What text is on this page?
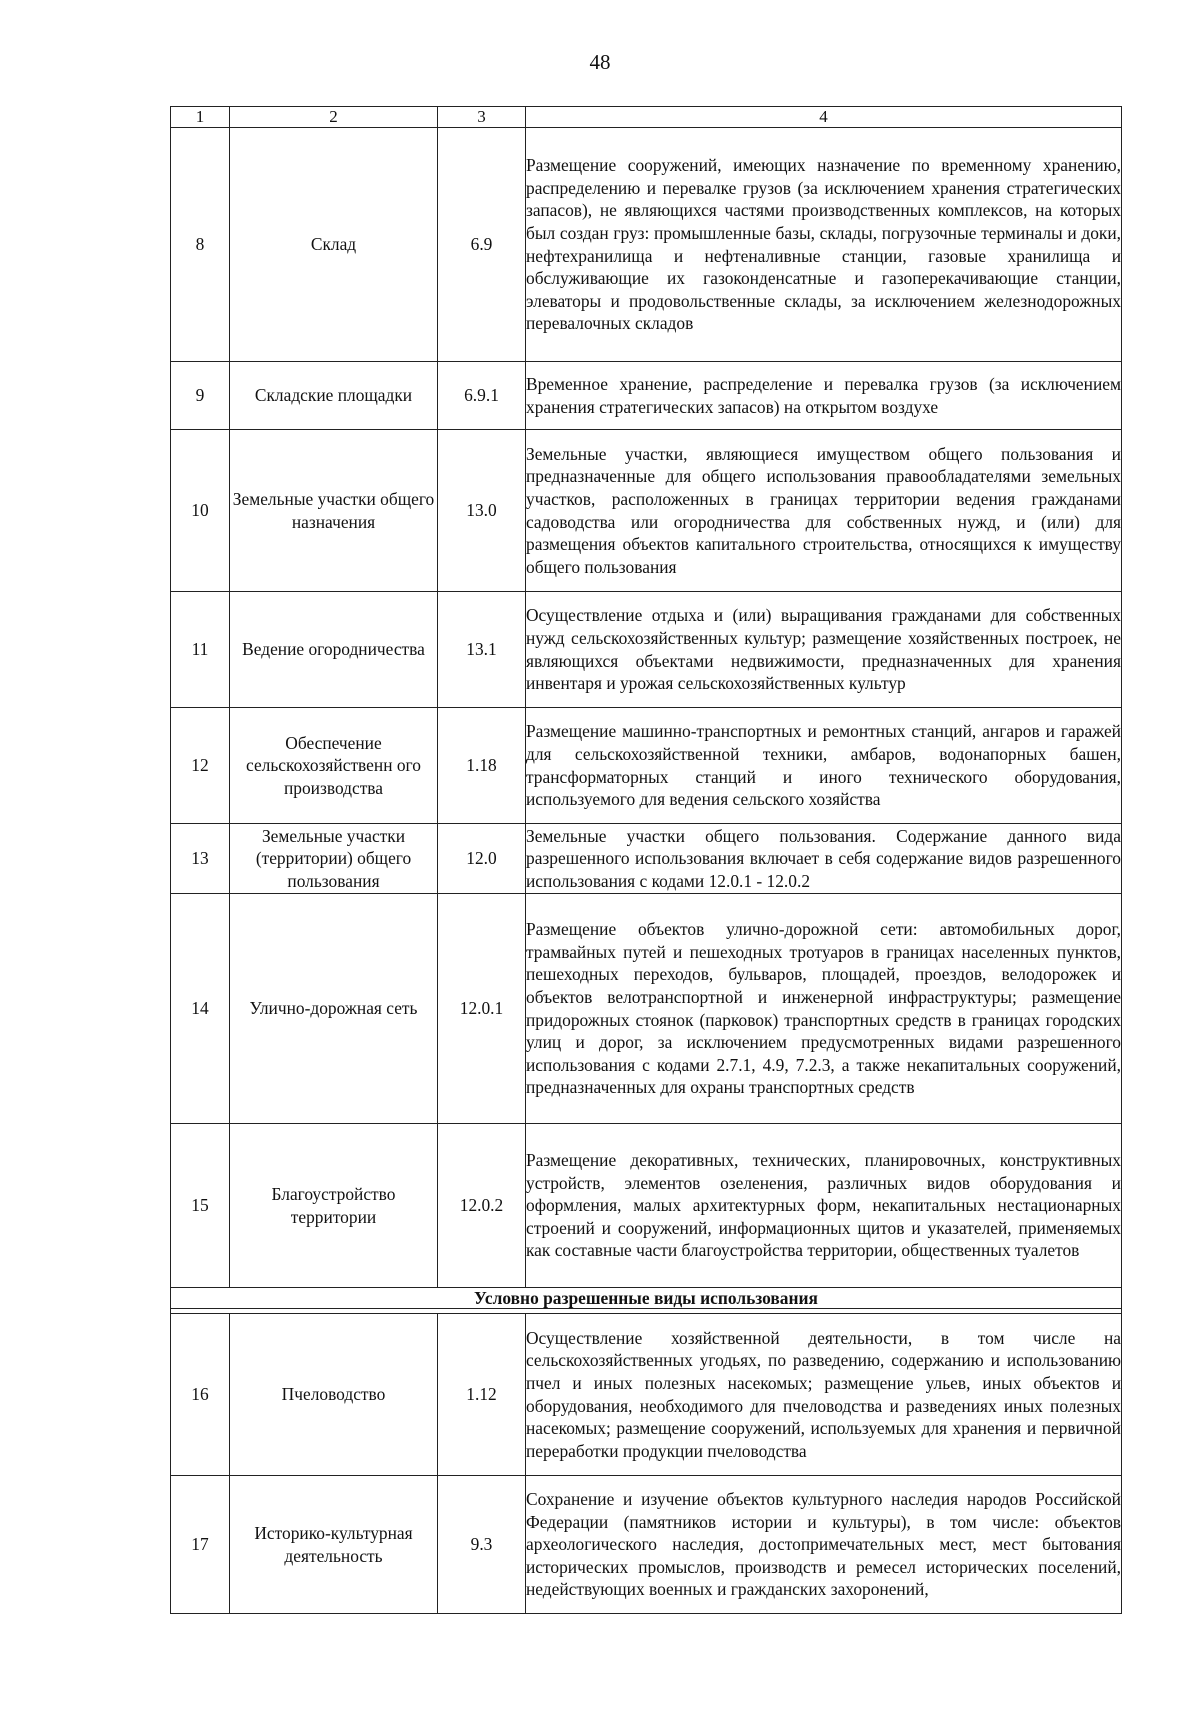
48
1	2	3	4
8	Склад	6.9	Размещение сооружений, имеющих назначение по временному хранению, распределению и перевалке грузов (за исключением хранения стратегических запасов), не являющихся частями производственных комплексов, на которых был создан груз: промышленные базы, склады, погрузочные терминалы и доки, нефтехранилища и нефтеналивные станции, газовые хранилища и обслуживающие их газоконденсатные и газоперекачивающие станции, элеваторы и продовольственные склады, за исключением железнодорожных перевалочных складов
9	Складские площадки	6.9.1	Временное хранение, распределение и перевалка грузов (за исключением хранения стратегических запасов) на открытом воздухе
10	Земельные участки общего назначения	13.0	Земельные участки, являющиеся имуществом общего пользования и предназначенные для общего использования правообладателями земельных участков, расположенных в границах территории ведения гражданами садоводства или огородничества для собственных нужд, и (или) для размещения объектов капитального строительства, относящихся к имуществу общего пользования
11	Ведение огородничества	13.1	Осуществление отдыха и (или) выращивания гражданами для собственных нужд сельскохозяйственных культур; размещение хозяйственных построек, не являющихся объектами недвижимости, предназначенных для хранения инвентаря и урожая сельскохозяйственных культур
12	Обеспечение сельскохозяйственн ого производства	1.18	Размещение машинно-транспортных и ремонтных станций, ангаров и гаражей для сельскохозяйственной техники, амбаров, водонапорных башен, трансформаторных станций и иного технического оборудования, используемого для ведения сельского хозяйства
13	Земельные участки (территории) общего пользования	12.0	Земельные участки общего пользования. Содержание данного вида разрешенного использования включает в себя содержание видов разрешенного использования с кодами 12.0.1 - 12.0.2
14	Улично-дорожная сеть	12.0.1	Размещение объектов улично-дорожной сети: автомобильных дорог, трамвайных путей и пешеходных тротуаров в границах населенных пунктов, пешеходных переходов, бульваров, площадей, проездов, велодорожек и объектов велотранспортной и инженерной инфраструктуры; размещение придорожных стоянок (парковок) транспортных средств в границах городских улиц и дорог, за исключением предусмотренных видами разрешенного использования с кодами 2.7.1, 4.9, 7.2.3, а также некапитальных сооружений, предназначенных для охраны транспортных средств
15	Благоустройство территории	12.0.2	Размещение декоративных, технических, планировочных, конструктивных устройств, элементов озеленения, различных видов оборудования и оформления, малых архитектурных форм, некапитальных нестационарных строений и сооружений, информационных щитов и указателей, применяемых как составные части благоустройства территории, общественных туалетов
Условно разрешенные виды использования			

16	Пчеловодство	1.12	Осуществление хозяйственной деятельности, в том числе на сельскохозяйственных угодьях, по разведению, содержанию и использованию пчел и иных полезных насекомых; размещение ульев, иных объектов и оборудования, необходимого для пчеловодства и разведениях иных полезных насекомых; размещение сооружений, используемых для хранения и первичной переработки продукции пчеловодства
17	Историко-культурная деятельность	9.3	Сохранение и изучение объектов культурного наследия народов Российской Федерации (памятников истории и культуры), в том числе: объектов археологического наследия, достопримечательных мест, мест бытования исторических промыслов, производств и ремесел исторических поселений, недействующих военных и гражданских захоронений,
